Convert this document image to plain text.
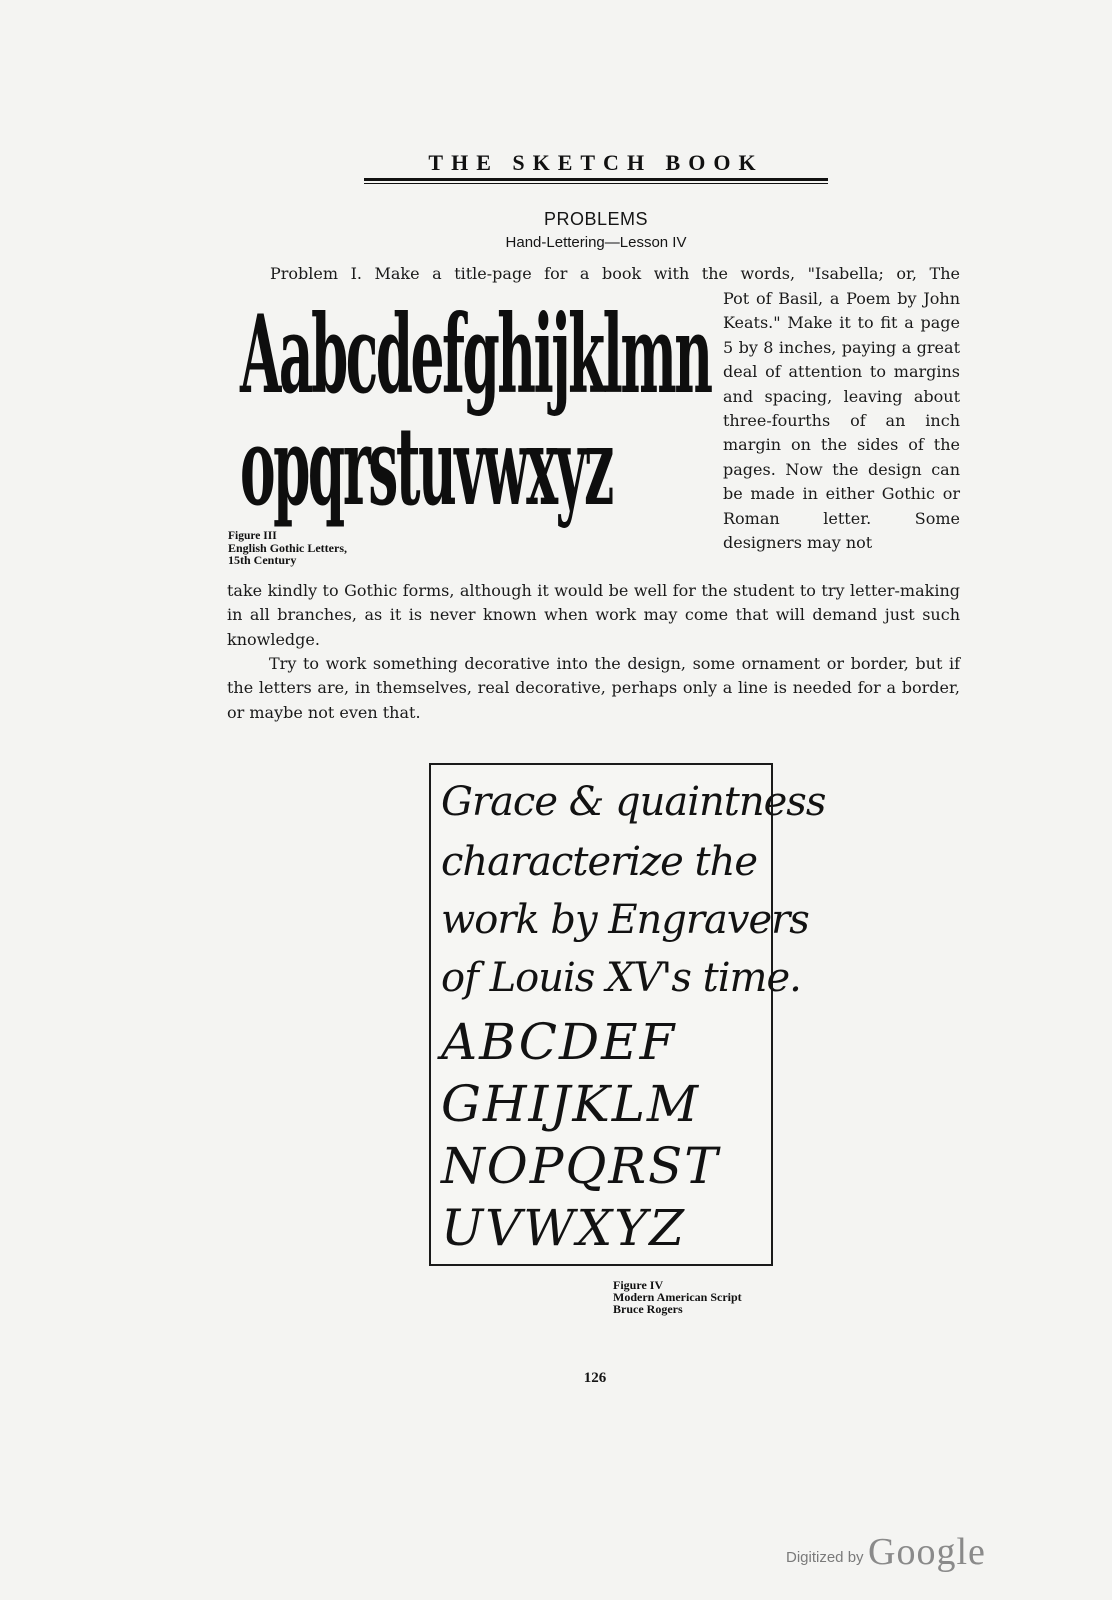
THE SKETCH BOOK
PROBLEMS
Hand-Lettering—Lesson IV
Problem I. Make a title-page for a book with the words, "Isabella; or, The
Aabcdefghijklmn
opqrstuvwxyz
Pot of Basil, a Poem by John Keats." Make it to fit a page 5 by 8 inches, paying a great deal of attention to margins and spacing, leaving about three-fourths of an inch margin on the sides of the pages. Now the design can be made in either Gothic or Roman letter. Some designers may not
Figure III
English Gothic Letters,
15th Century
take kindly to Gothic forms, although it would be well for the student to try letter-making in all branches, as it is never known when work may come that will demand just such knowledge.
Try to work something decorative into the design, some ornament or border, but if the letters are, in themselves, real decorative, perhaps only a line is needed for a border, or maybe not even that.
Grace & quaintness
characterize the
work by Engravers
of Louis XV's time.
ABCDEF
GHIJKLM
NOPQRST
UVWXYZ
Figure IV
Modern American Script
Bruce Rogers
126
Digitized by Google
